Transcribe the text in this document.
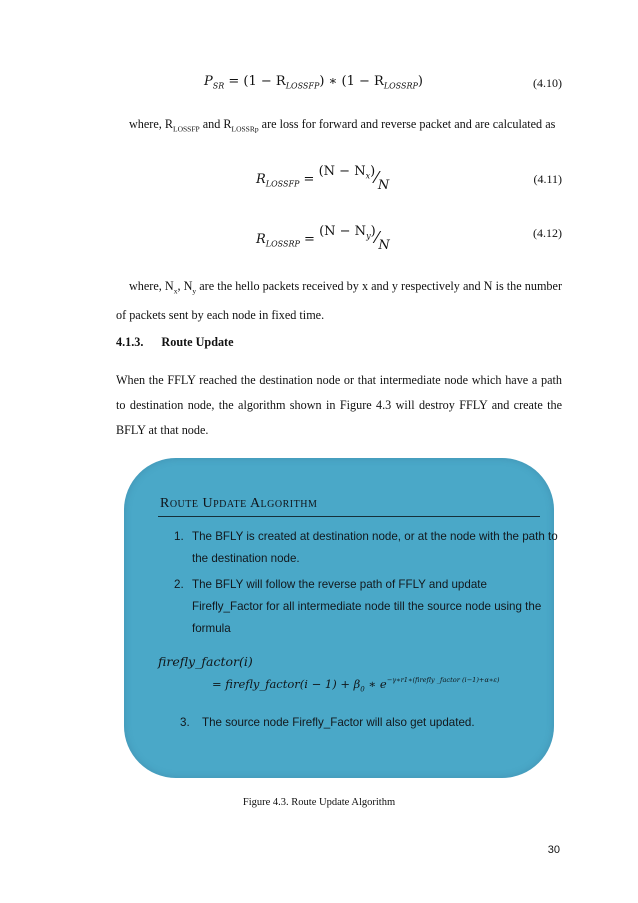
$P_{SR} = (1 - R_{LOSSFP})$ ∗ $(1 - R_{LOSSRP})$	(4.10)
where, $R_{LOSSFP}$ and $R_{LOSSRp}$ are loss for forward and reverse packet and are calculated as
$R_{LOSSFP} = (N$ − $N_x)⁄N$	(4.11)
$R_{LOSSRP} = (N$ − $N_y)⁄N$
(4.12)
where, $N_x$, $N_y$ are the hello packets received by x and y respectively and N is the number of packets sent by each node in fixed time.
4.1.3. Route Update
When the FFLY reached the destination node or that intermediate node which have a path to destination node, the algorithm shown in Figure 4.3 will destroy FFLY and create the BFLY at that node.
Route Update Algorithm
1. The BFLY is created at destination node, or at the node with the path to
the destination node.
2. The BFLY will follow the reverse path of FFLY and update
Firefly_Factor for all intermediate node till the source node using the
formula
firefly_factor(i)
= firefly_factor(i − $1) + \beta_0$ ∗ $e^{-\gamma∗r1∗(firefly \_factor (i-1)+\alpha∗\varepsilon)}$
3. The source node Firefly_Factor will also get updated.
Figure 4.3. Route Update Algorithm
30
